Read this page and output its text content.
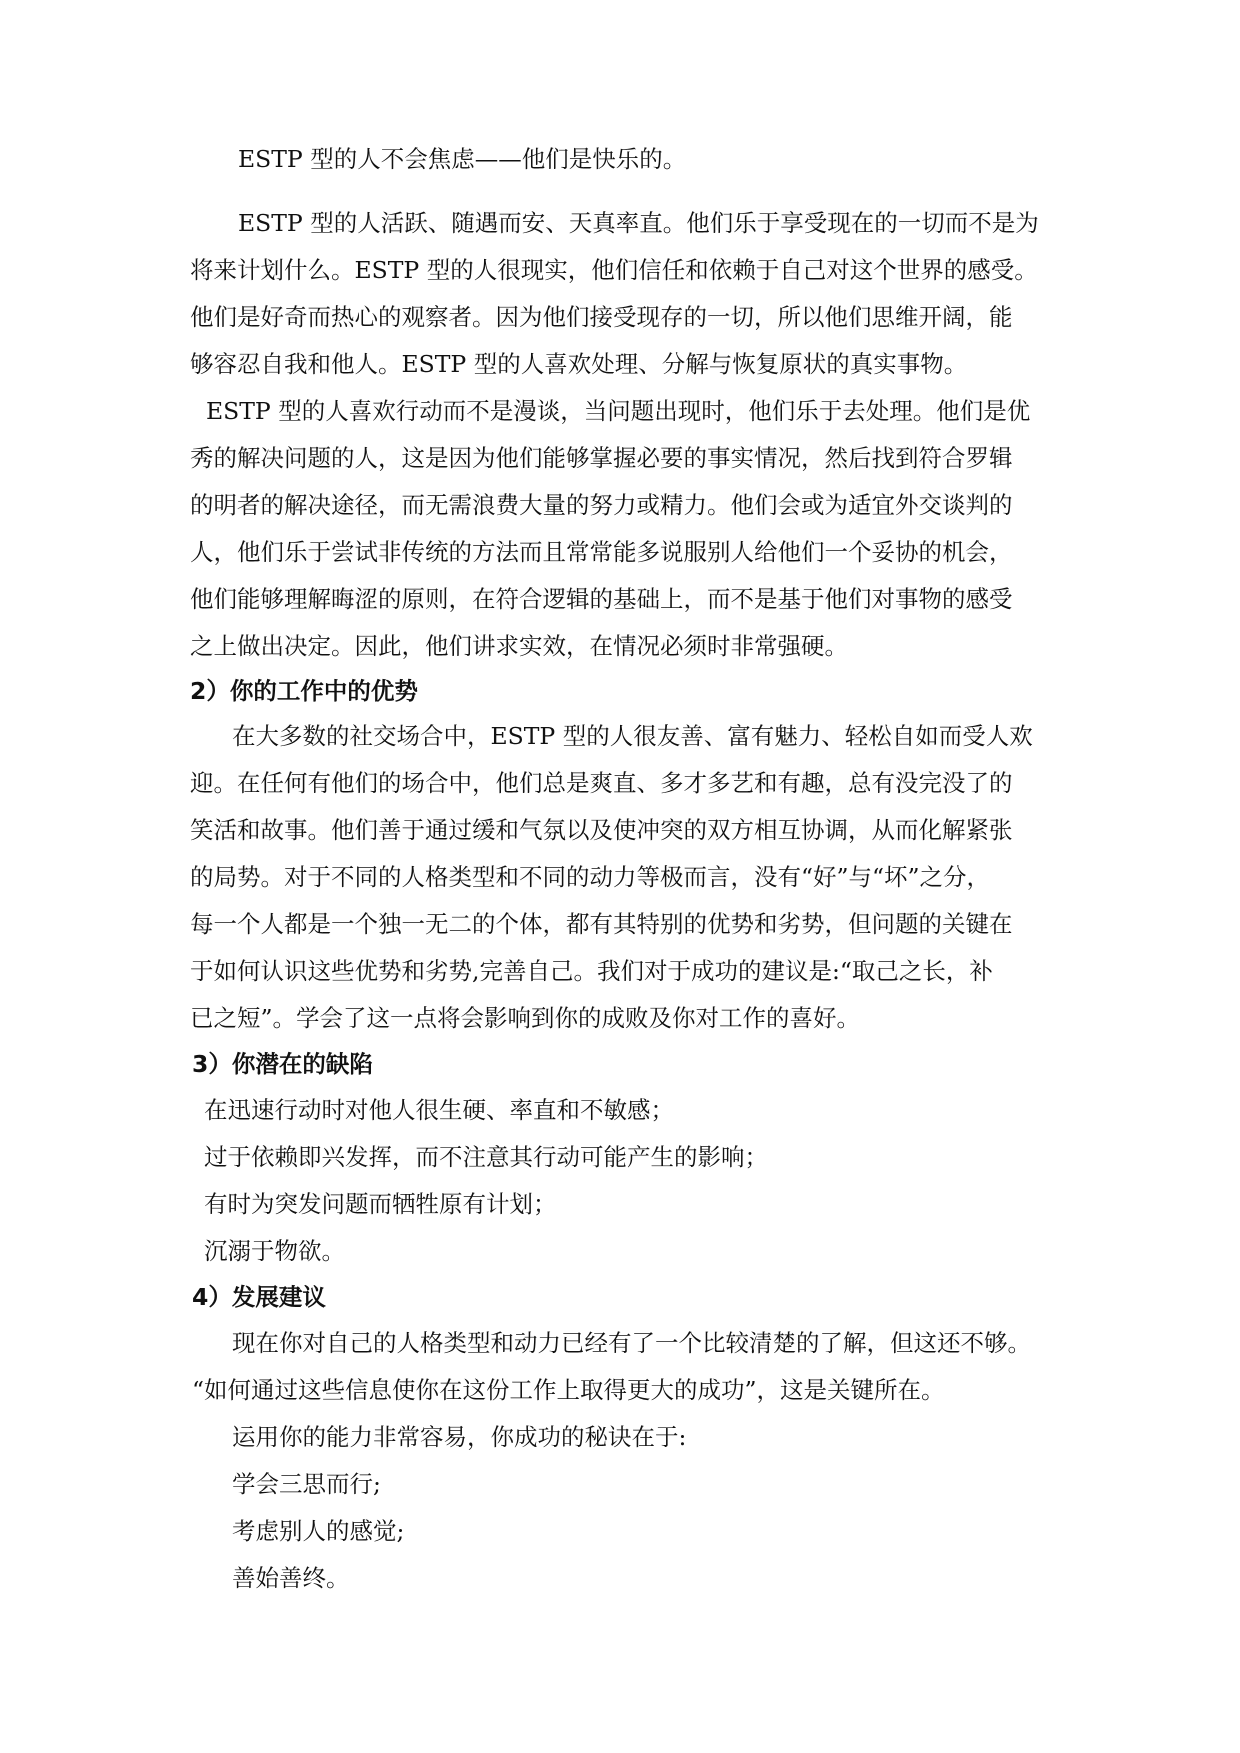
ESTP 型的人不会焦虑——他们是快乐的。
ESTP 型的人活跃、随遇而安、天真率直。他们乐于享受现在的一切而不是为
将来计划什么。ESTP 型的人很现实，他们信任和依赖于自己对这个世界的感受。
他们是好奇而热心的观察者。因为他们接受现存的一切，所以他们思维开阔，能
够容忍自我和他人。ESTP 型的人喜欢处理、分解与恢复原状的真实事物。
ESTP 型的人喜欢行动而不是漫谈，当问题出现时，他们乐于去处理。他们是优
秀的解决问题的人，这是因为他们能够掌握必要的事实情况，然后找到符合罗辑
的明者的解决途径，而无需浪费大量的努力或精力。他们会或为适宜外交谈判的
人，他们乐于尝试非传统的方法而且常常能多说服别人给他们一个妥协的机会，
他们能够理解晦涩的原则，在符合逻辑的基础上，而不是基于他们对事物的感受
之上做出决定。因此，他们讲求实效，在情况必须时非常强硬。
2）你的工作中的优势
在大多数的社交场合中，ESTP 型的人很友善、富有魅力、轻松自如而受人欢
迎。在任何有他们的场合中，他们总是爽直、多才多艺和有趣，总有没完没了的
笑活和故事。他们善于通过缓和气氛以及使冲突的双方相互协调，从而化解紧张
的局势。对于不同的人格类型和不同的动力等极而言，没有“好”与“坏”之分，
每一个人都是一个独一无二的个体，都有其特别的优势和劣势，但问题的关键在
于如何认识这些优势和劣势,完善自己。我们对于成功的建议是:“取己之长，补
已之短”。学会了这一点将会影响到你的成败及你对工作的喜好。
3）你潜在的缺陷
在迅速行动时对他人很生硬、率直和不敏感；
过于依赖即兴发挥，而不注意其行动可能产生的影响；
有时为突发问题而牺牲原有计划；
沉溺于物欲。
4）发展建议
现在你对自己的人格类型和动力已经有了一个比较清楚的了解，但这还不够。
“如何通过这些信息使你在这份工作上取得更大的成功”，这是关键所在。
运用你的能力非常容易，你成功的秘诀在于:
学会三思而行;
考虑别人的感觉;
善始善终。
